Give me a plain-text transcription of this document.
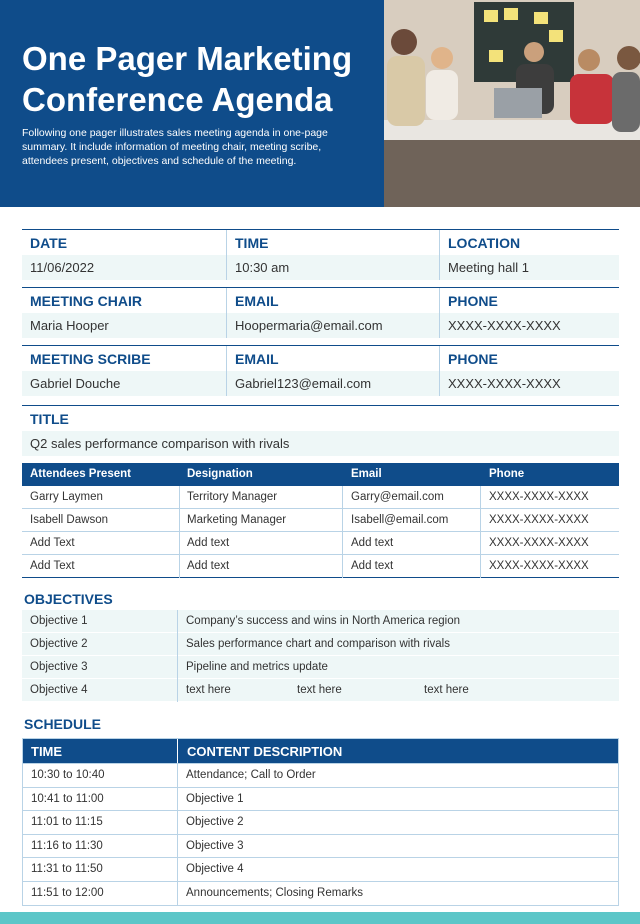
One Pager Marketing Conference Agenda
Following one pager illustrates sales meeting agenda in one-page summary. It include information of meeting chair, meeting scribe, attendees present, objectives and schedule of the meeting.
DATE	TIME	LOCATION
11/06/2022	10:30 am	Meeting hall 1
MEETING CHAIR	EMAIL	PHONE
Maria Hooper	Hoopermaria@email.com	XXXX-XXXX-XXXX
MEETING SCRIBE	EMAIL	PHONE
Gabriel Douche	Gabriel123@email.com	XXXX-XXXX-XXXX
TITLE
Q2 sales performance comparison with rivals
Attendees Present	Designation	Email	Phone
Garry Laymen	Territory Manager	Garry@email.com	XXXX-XXXX-XXXX
Isabell Dawson	Marketing Manager	Isabell@email.com	XXXX-XXXX-XXXX
Add Text	Add text	Add text	XXXX-XXXX-XXXX
Add Text	Add text	Add text	XXXX-XXXX-XXXX
OBJECTIVES
Objective 1	Company’s success and wins in North America region
Objective 2	Sales performance chart and comparison with rivals
Objective 3	Pipeline and metrics update
Objective 4	text here	text here	text here
SCHEDULE
TIME	CONTENT DESCRIPTION
10:30 to 10:40	Attendance; Call to Order
10:41 to 11:00	Objective 1
11:01 to 11:15	Objective 2
11:16 to 11:30	Objective 3
11:31 to 11:50	Objective 4
11:51 to 12:00	Announcements; Closing Remarks
